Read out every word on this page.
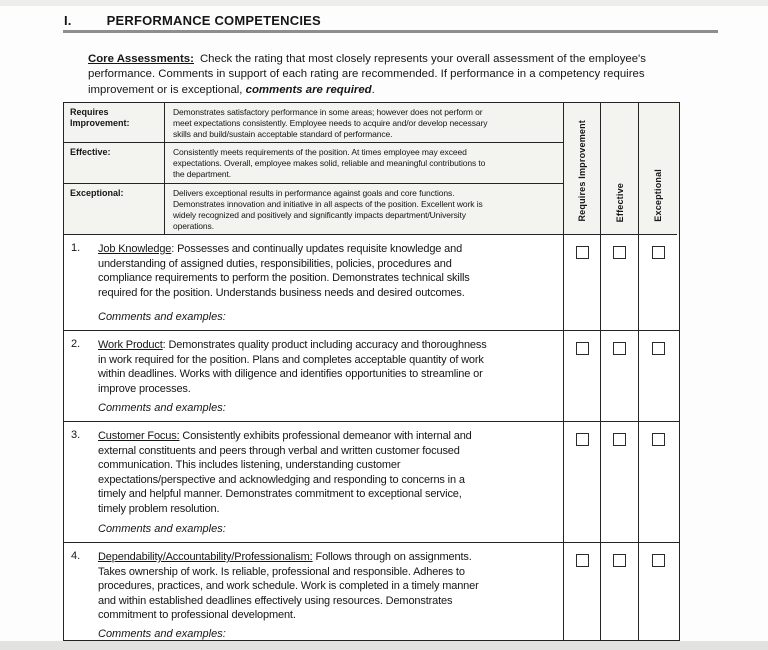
I.	PERFORMANCE COMPETENCIES
Core Assessments: Check the rating that most closely represents your overall assessment of the employee's
performance. Comments in support of each rating are recommended. If performance in a competency requires
improvement or is exceptional, comments are required.
Requires Improvement:
Demonstrates satisfactory performance in some areas; however does not perform or
meet expectations consistently. Employee needs to acquire and/or develop necessary
skills and build/sustain acceptable standard of performance.
Effective:	Consistently meets requirements of the position. At times employee may exceed
expectations. Overall, employee makes solid, reliable and meaningful contributions to
the department.
Exceptional:	Delivers exceptional results in performance against goals and core functions.
Demonstrates innovation and initiative in all aspects of the position. Excellent work is
widely recognized and positively and significantly impacts department/University
operations.
Requires Improvement	Effective	Exceptional
1.	Job Knowledge: Possesses and continually updates requisite knowledge and
understanding of assigned duties, responsibilities, policies, procedures and
compliance requirements to perform the position. Demonstrates technical skills
required for the position. Understands business needs and desired outcomes.
Comments and examples:
2.	Work Product: Demonstrates quality product including accuracy and thoroughness
in work required for the position. Plans and completes acceptable quantity of work
within deadlines. Works with diligence and identifies opportunities to streamline or
improve processes.
Comments and examples:
3.	Customer Focus: Consistently exhibits professional demeanor with internal and
external constituents and peers through verbal and written customer focused
communication. This includes listening, understanding customer
expectations/perspective and acknowledging and responding to concerns in a
timely and helpful manner. Demonstrates commitment to exceptional service,
timely problem resolution.
Comments and examples:
4.	Dependability/Accountability/Professionalism: Follows through on assignments.
Takes ownership of work. Is reliable, professional and responsible. Adheres to
procedures, practices, and work schedule. Work is completed in a timely manner
and within established deadlines effectively using resources. Demonstrates
commitment to professional development.
Comments and examples:
